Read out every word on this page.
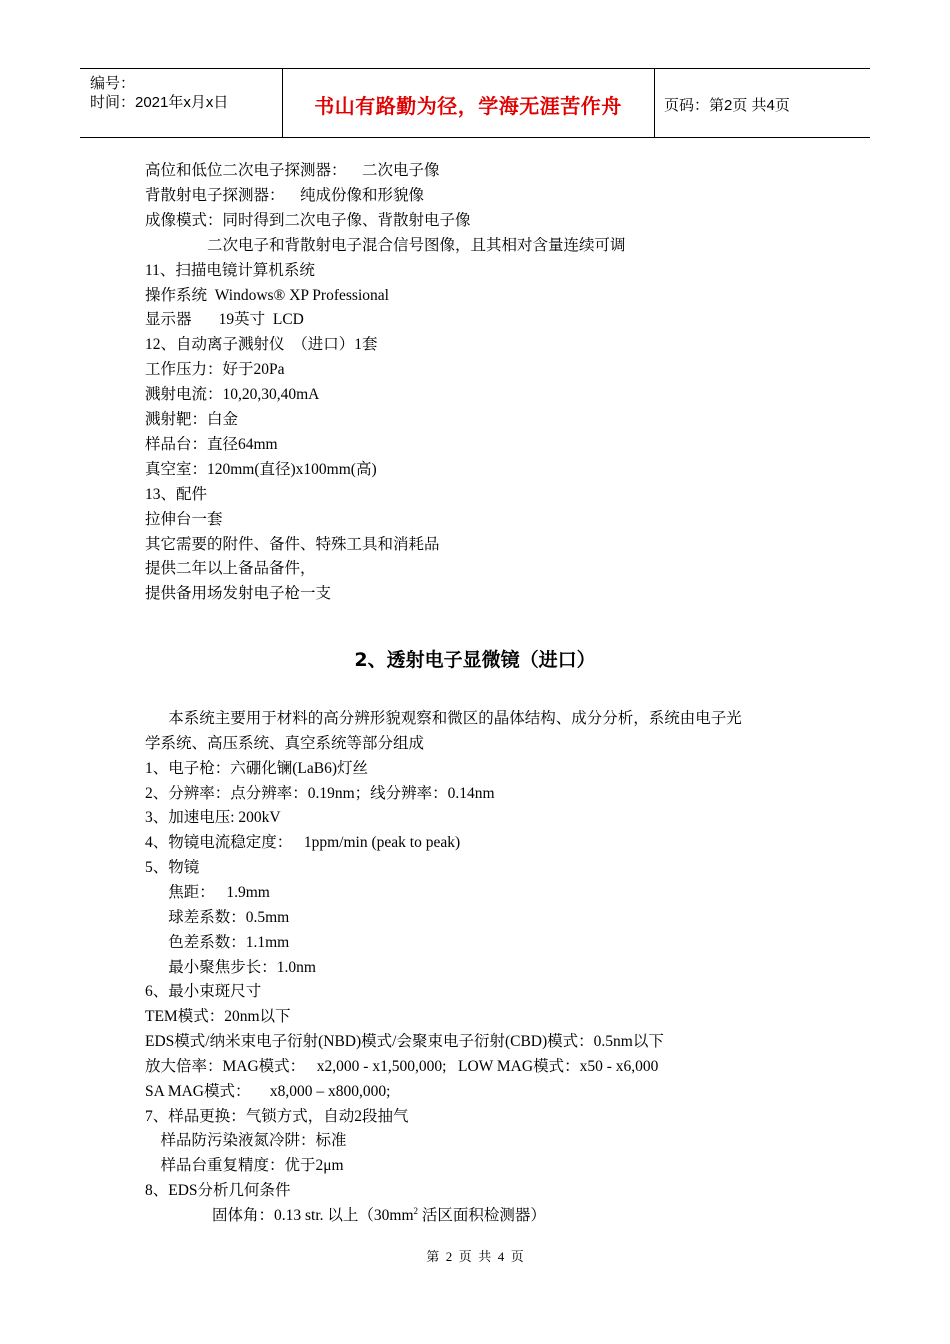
编号：
时间：2021年x月x日	书山有路勤为径，学海无涯苦作舟	页码：第2页 共4页
高位和低位二次电子探测器：    二次电子像
背散射电子探测器：    纯成份像和形貌像
成像模式：同时得到二次电子像、背散射电子像
二次电子和背散射电子混合信号图像，且其相对含量连续可调
11、扫描电镜计算机系统
操作系统  Windows® XP Professional
显示器       19英寸  LCD
12、自动离子溅射仪  （进口）1套
工作压力：好于20Pa
溅射电流：10,20,30,40mA
溅射靶：白金
样品台：直径64mm
真空室：120mm(直径)x100mm(高)
13、配件
拉伸台一套
其它需要的附件、备件、特殊工具和消耗品
提供二年以上备品备件，
提供备用场发射电子枪一支
2、透射电子显微镜（进口）
本系统主要用于材料的高分辨形貌观察和微区的晶体结构、成分分析，系统由电子光
学系统、高压系统、真空系统等部分组成
1、电子枪：六硼化镧(LaB6)灯丝
2、分辨率：点分辨率：0.19nm；线分辨率：0.14nm
3、加速电压: 200kV
4、物镜电流稳定度：   1ppm/min (peak to peak)
5、物镜
焦距：   1.9mm
球差系数：0.5mm
色差系数：1.1mm
最小聚焦步长：1.0nm
6、最小束斑尺寸
TEM模式：20nm以下
EDS模式/纳米束电子衍射(NBD)模式/会聚束电子衍射(CBD)模式：0.5nm以下
放大倍率：MAG模式：   x2,000 - x1,500,000;   LOW MAG模式：x50 - x6,000
SA MAG模式：     x8,000 – x800,000;
7、样品更换：气锁方式，自动2段抽气
样品防污染液氮冷阱：标准
样品台重复精度：优于2μm
8、EDS分析几何条件
固体角：0.13 str. 以上（$30mm^2$ 活区面积检测器）
第  2  页  共  4  页
